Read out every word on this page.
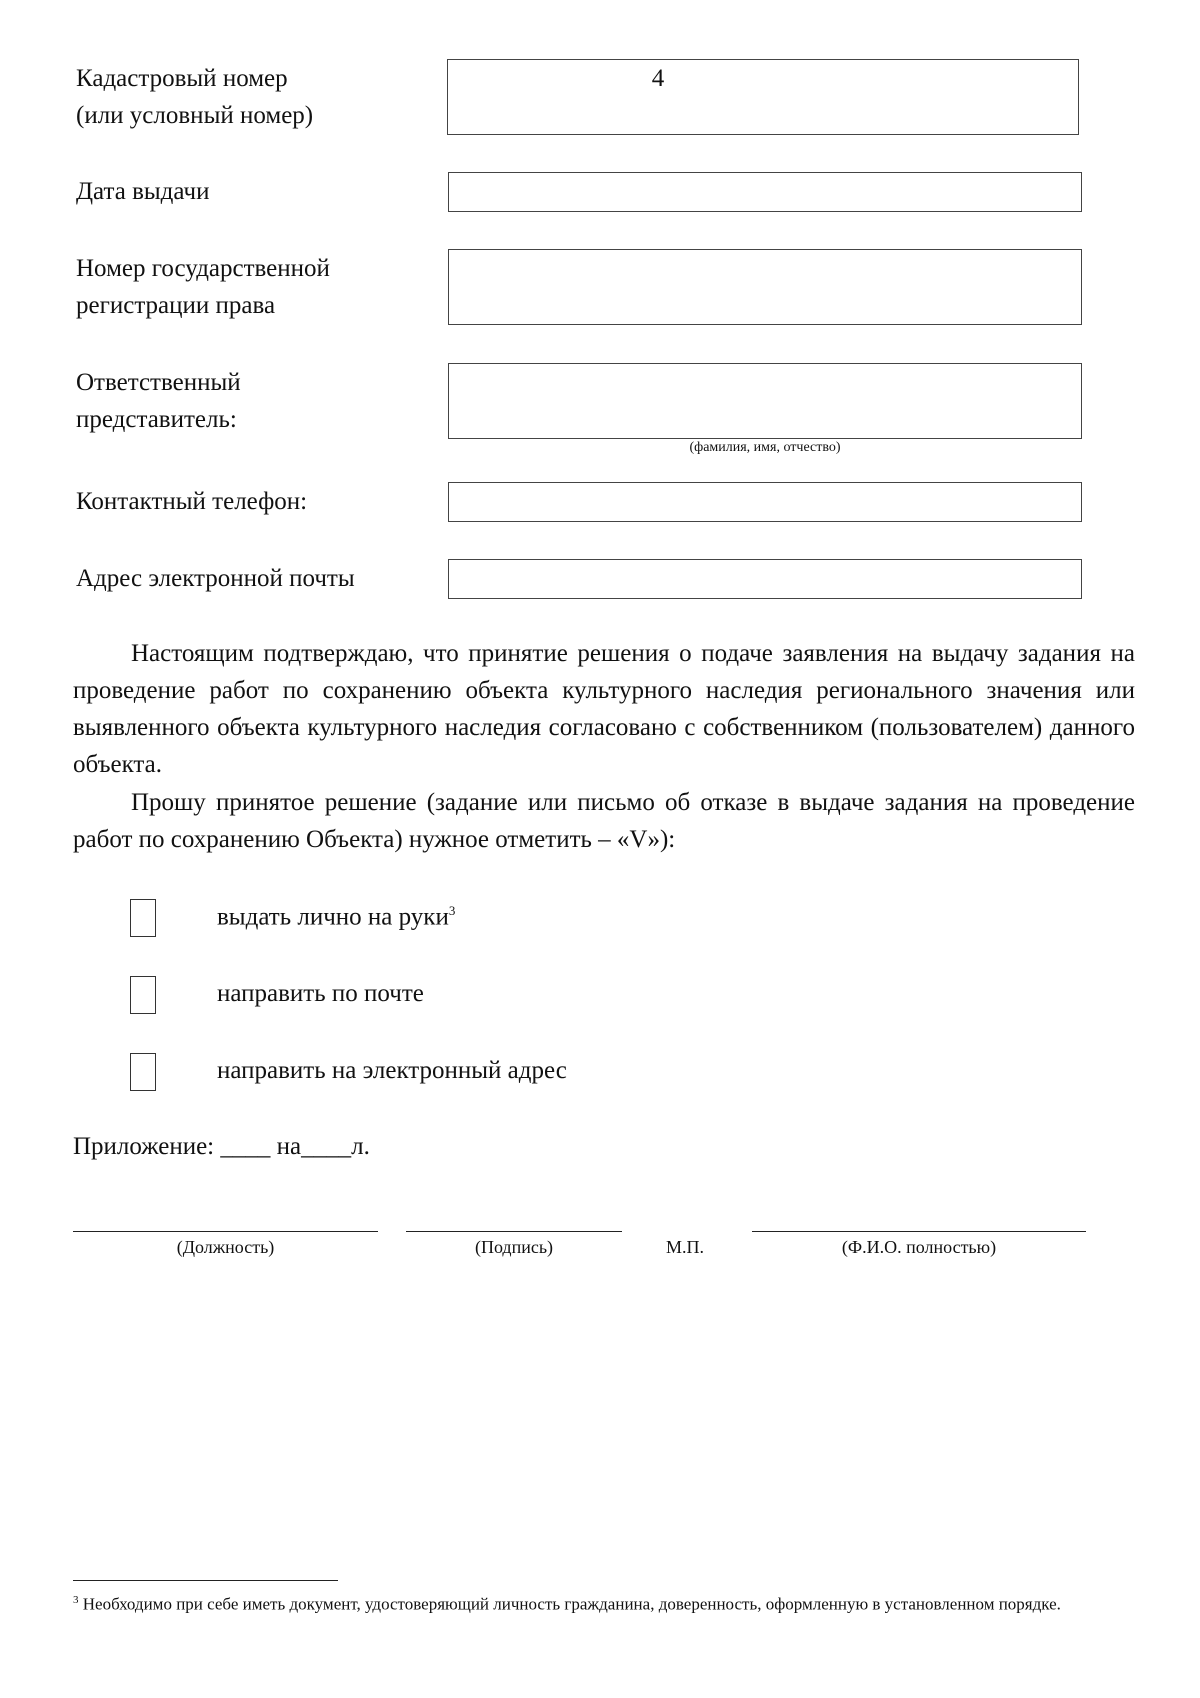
Кадастровый номер
(или условный номер)
4
Дата выдачи
Номер государственной
регистрации права
Ответственный
представитель:
(фамилия, имя, отчество)
Контактный телефон:
Адрес электронной почты
Настоящим подтверждаю, что принятие решения о подаче заявления на выдачу задания на проведение работ по сохранению объекта культурного наследия регионального значения или выявленного объекта культурного наследия согласовано с собственником (пользователем) данного объекта.
Прошу принятое решение (задание или письмо об отказе в выдаче задания на проведение работ по сохранению Объекта) нужное отметить – «V»):
выдать лично на руки$^3$
направить по почте
направить на электронный адрес
Приложение: ____ на____л.
(Должность)	(Подпись)	М.П.	(Ф.И.О. полностью)
$^3$ Необходимо при себе иметь документ, удостоверяющий личность гражданина, доверенность, оформленную в установленном порядке.
